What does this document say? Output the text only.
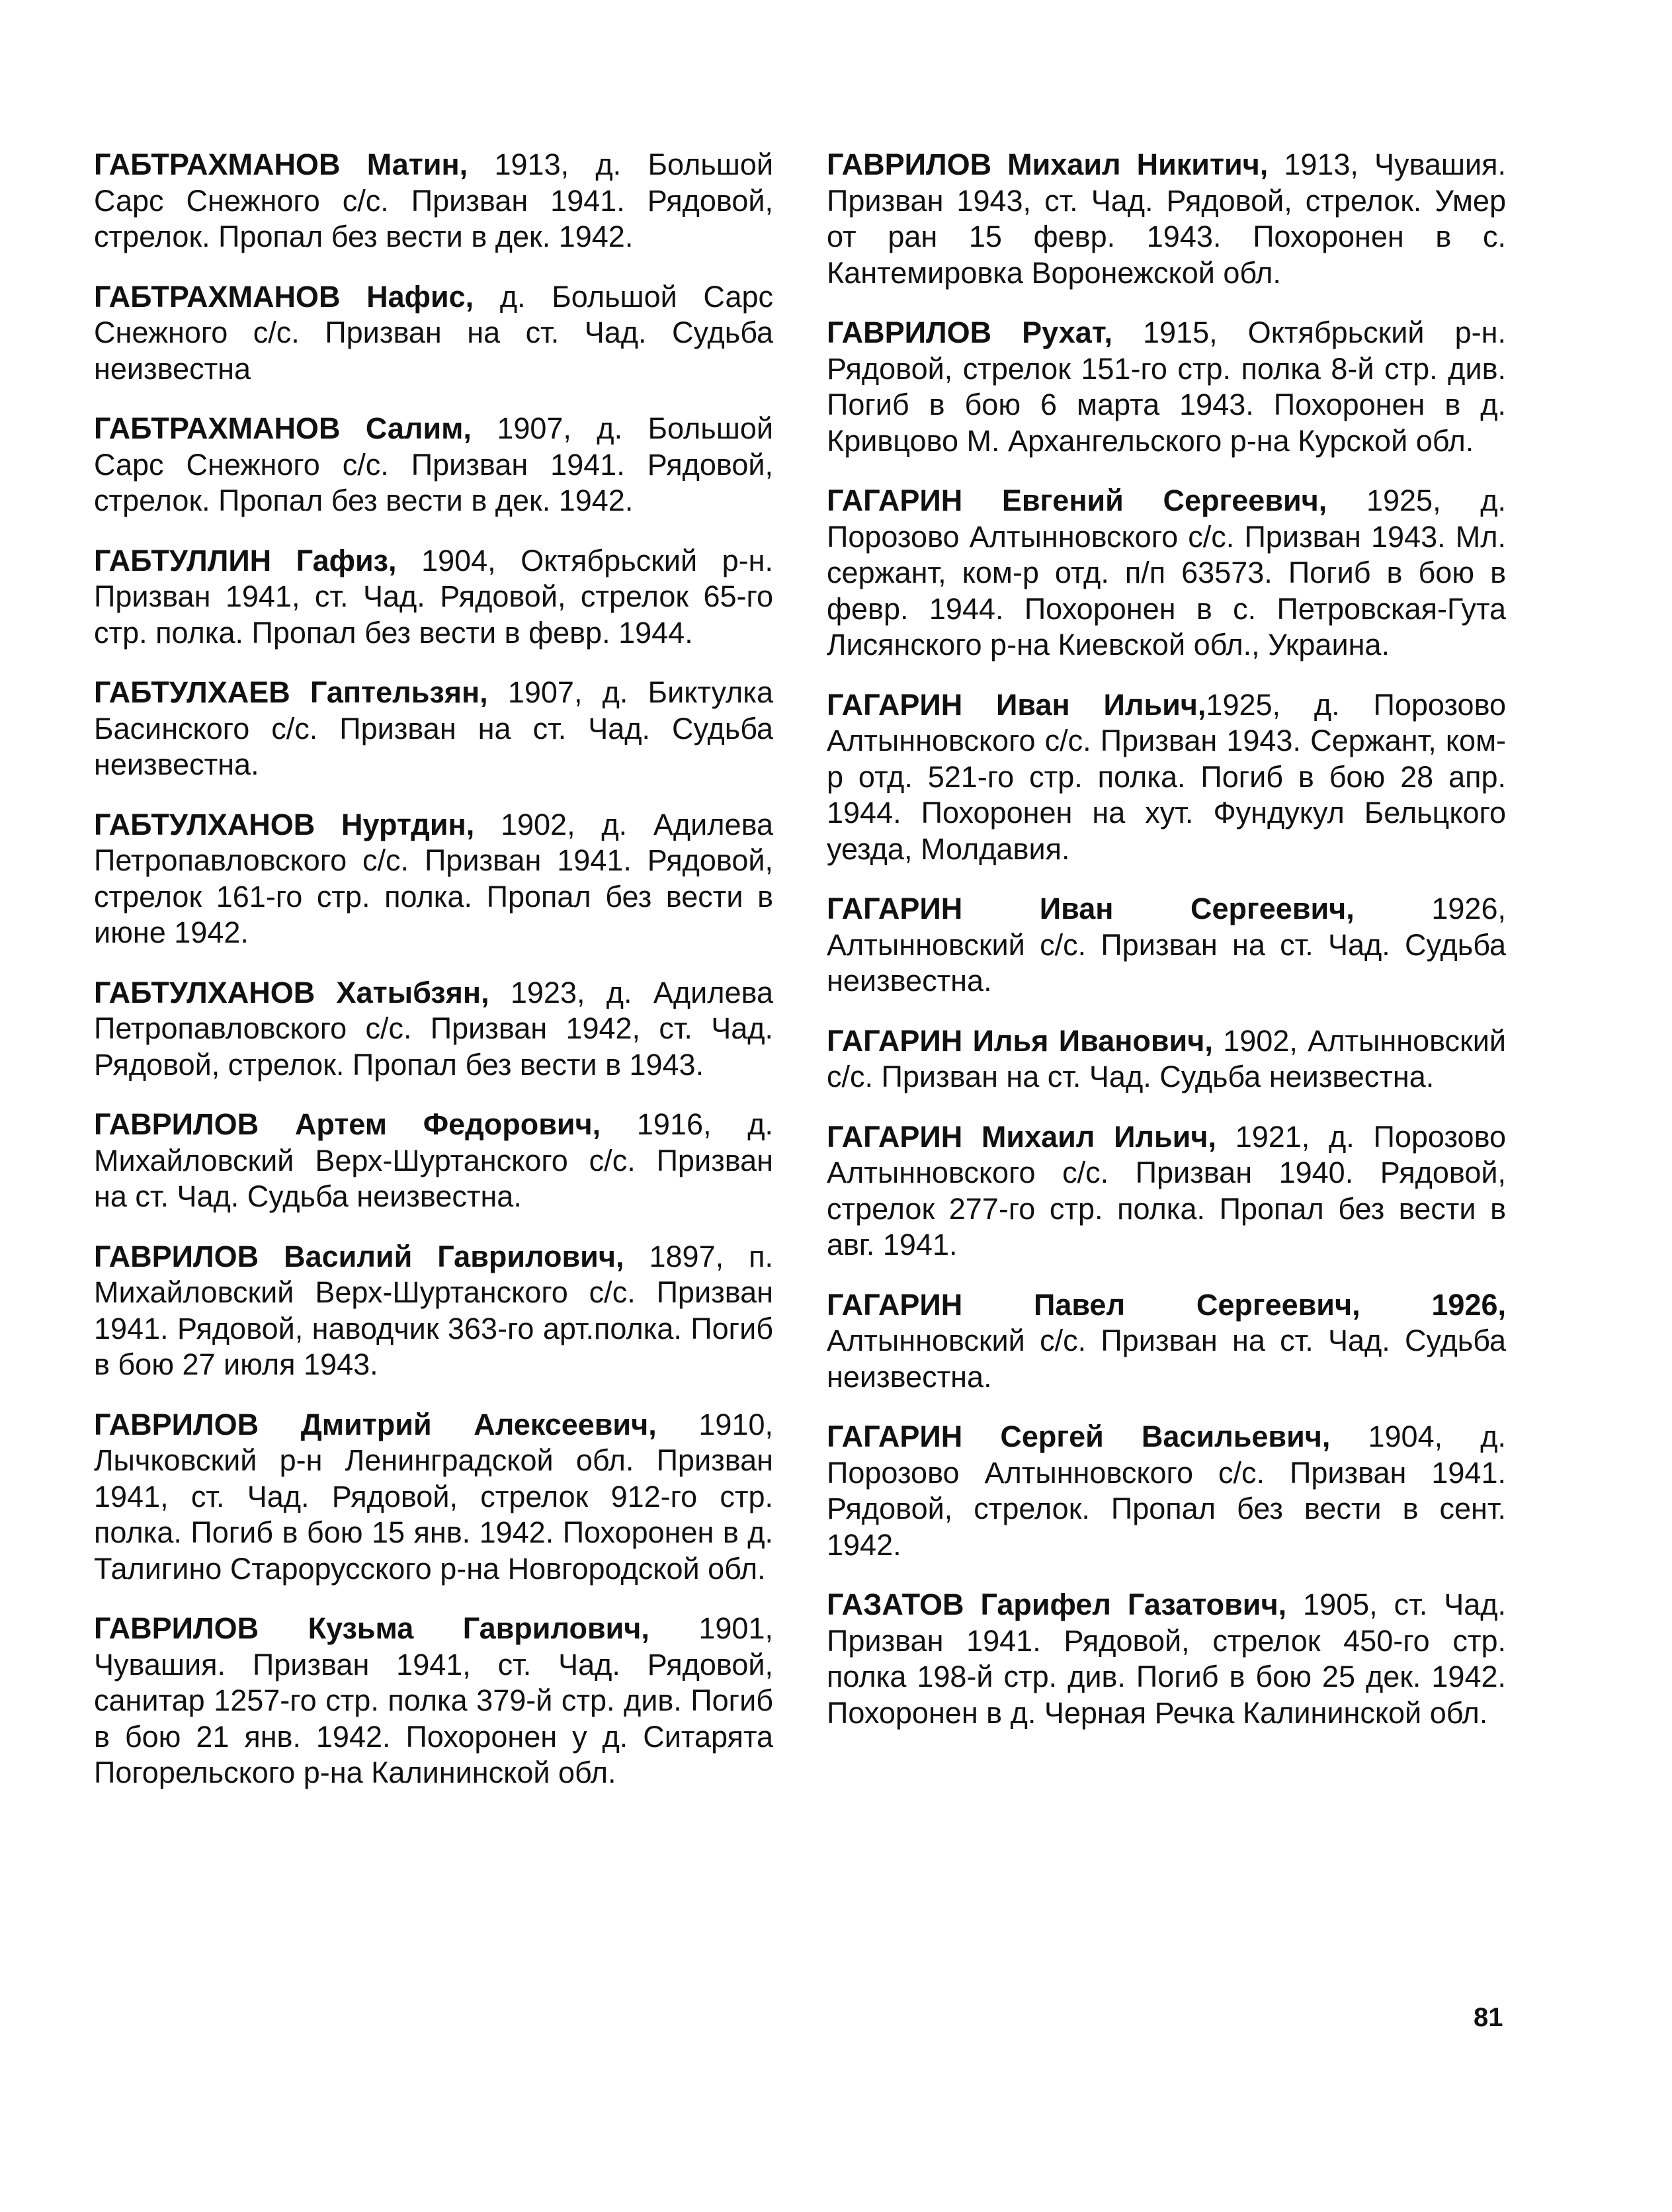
ГАБТРАХМАНОВ Матин, 1913, д. Большой Сарс Снежного с/с. Призван 1941. Рядовой, стрелок. Пропал без вести в дек. 1942.

ГАБТРАХМАНОВ Нафис, д. Большой Сарс Снежного с/с. Призван на ст. Чад. Судьба неизвестна

ГАБТРАХМАНОВ Салим, 1907, д. Большой Сарс Снежного с/с. Призван 1941. Рядовой, стрелок. Пропал без вести в дек. 1942.

ГАБТУЛЛИН Гафиз, 1904, Октябрьский р-н. Призван 1941, ст. Чад. Рядовой, стрелок 65-го стр. полка. Пропал без вести в февр. 1944.

ГАБТУЛХАЕВ Гаптельзян, 1907, д. Биктулка Басинского с/с. Призван на ст. Чад. Судьба неизвестна.

ГАБТУЛХАНОВ Нуртдин, 1902, д. Адилева Петропавловского с/с. Призван 1941. Рядовой, стрелок 161-го стр. полка. Пропал без вести в июне 1942.

ГАБТУЛХАНОВ Хатыбзян, 1923, д. Адилева Петропавловского с/с. Призван 1942, ст. Чад. Рядовой, стрелок. Пропал без вести в 1943.

ГАВРИЛОВ Артем Федорович, 1916, д. Михайловский Верх-Шуртанского с/с. Призван на ст. Чад. Судьба неизвестна.

ГАВРИЛОВ Василий Гаврилович, 1897, п. Михайловский Верх-Шуртанского с/с. Призван 1941. Рядовой, наводчик 363-го арт.полка. Погиб в бою 27 июля 1943.

ГАВРИЛОВ Дмитрий Алексеевич, 1910, Лычковский р-н Ленинградской обл. Призван 1941, ст. Чад. Рядовой, стрелок 912-го стр. полка. Погиб в бою 15 янв. 1942. Похоронен в д. Талигино Старорусского р-на Новгородской обл.

ГАВРИЛОВ Кузьма Гаврилович, 1901, Чувашия. Призван 1941, ст. Чад. Рядовой, санитар 1257-го стр. полка 379-й стр. див. Погиб в бою 21 янв. 1942. Похоронен у д. Ситарята Погорельского р-на Калининской обл.

ГАВРИЛОВ Михаил Никитич, 1913, Чувашия. Призван 1943, ст. Чад. Рядовой, стрелок. Умер от ран 15 февр. 1943. Похоронен в с. Кантемировка Воронежской обл.

ГАВРИЛОВ Рухат, 1915, Октябрьский р-н. Рядовой, стрелок 151-го стр. полка 8-й стр. див. Погиб в бою 6 марта 1943. Похоронен в д. Кривцово М. Архангельского р-на Курской обл.

ГАГАРИН Евгений Сергеевич, 1925, д. Порозово Алтынновского с/с. Призван 1943. Мл. сержант, ком-р отд. п/п 63573. Погиб в бою в февр. 1944. Похоронен в с. Петровская-Гута Лисянского р-на Киевской обл., Украина.

ГАГАРИН Иван Ильич,1925, д. Порозово Алтынновского с/с. Призван 1943. Сержант, ком-р отд. 521-го стр. полка. Погиб в бою 28 апр. 1944. Похоронен на хут. Фундукул Бельцкого уезда, Молдавия.

ГАГАРИН Иван Сергеевич, 1926, Алтынновский с/с. Призван на ст. Чад. Судьба неизвестна.

ГАГАРИН Илья Иванович, 1902, Алтынновский с/с. Призван на ст. Чад. Судьба неизвестна.

ГАГАРИН Михаил Ильич, 1921, д. Порозово Алтынновского с/с. Призван 1940. Рядовой, стрелок 277-го стр. полка. Пропал без вести в авг. 1941.

ГАГАРИН Павел Сергеевич, 1926, Алтынновский с/с. Призван на ст. Чад. Судьба неизвестна.

ГАГАРИН Сергей Васильевич, 1904, д. Порозово Алтынновского с/с. Призван 1941. Рядовой, стрелок. Пропал без вести в сент. 1942.

ГАЗАТОВ Гарифел Газатович, 1905, ст. Чад. Призван 1941. Рядовой, стрелок 450-го стр. полка 198-й стр. див. Погиб в бою 25 дек. 1942. Похоронен в д. Черная Речка Калининской обл.

81
